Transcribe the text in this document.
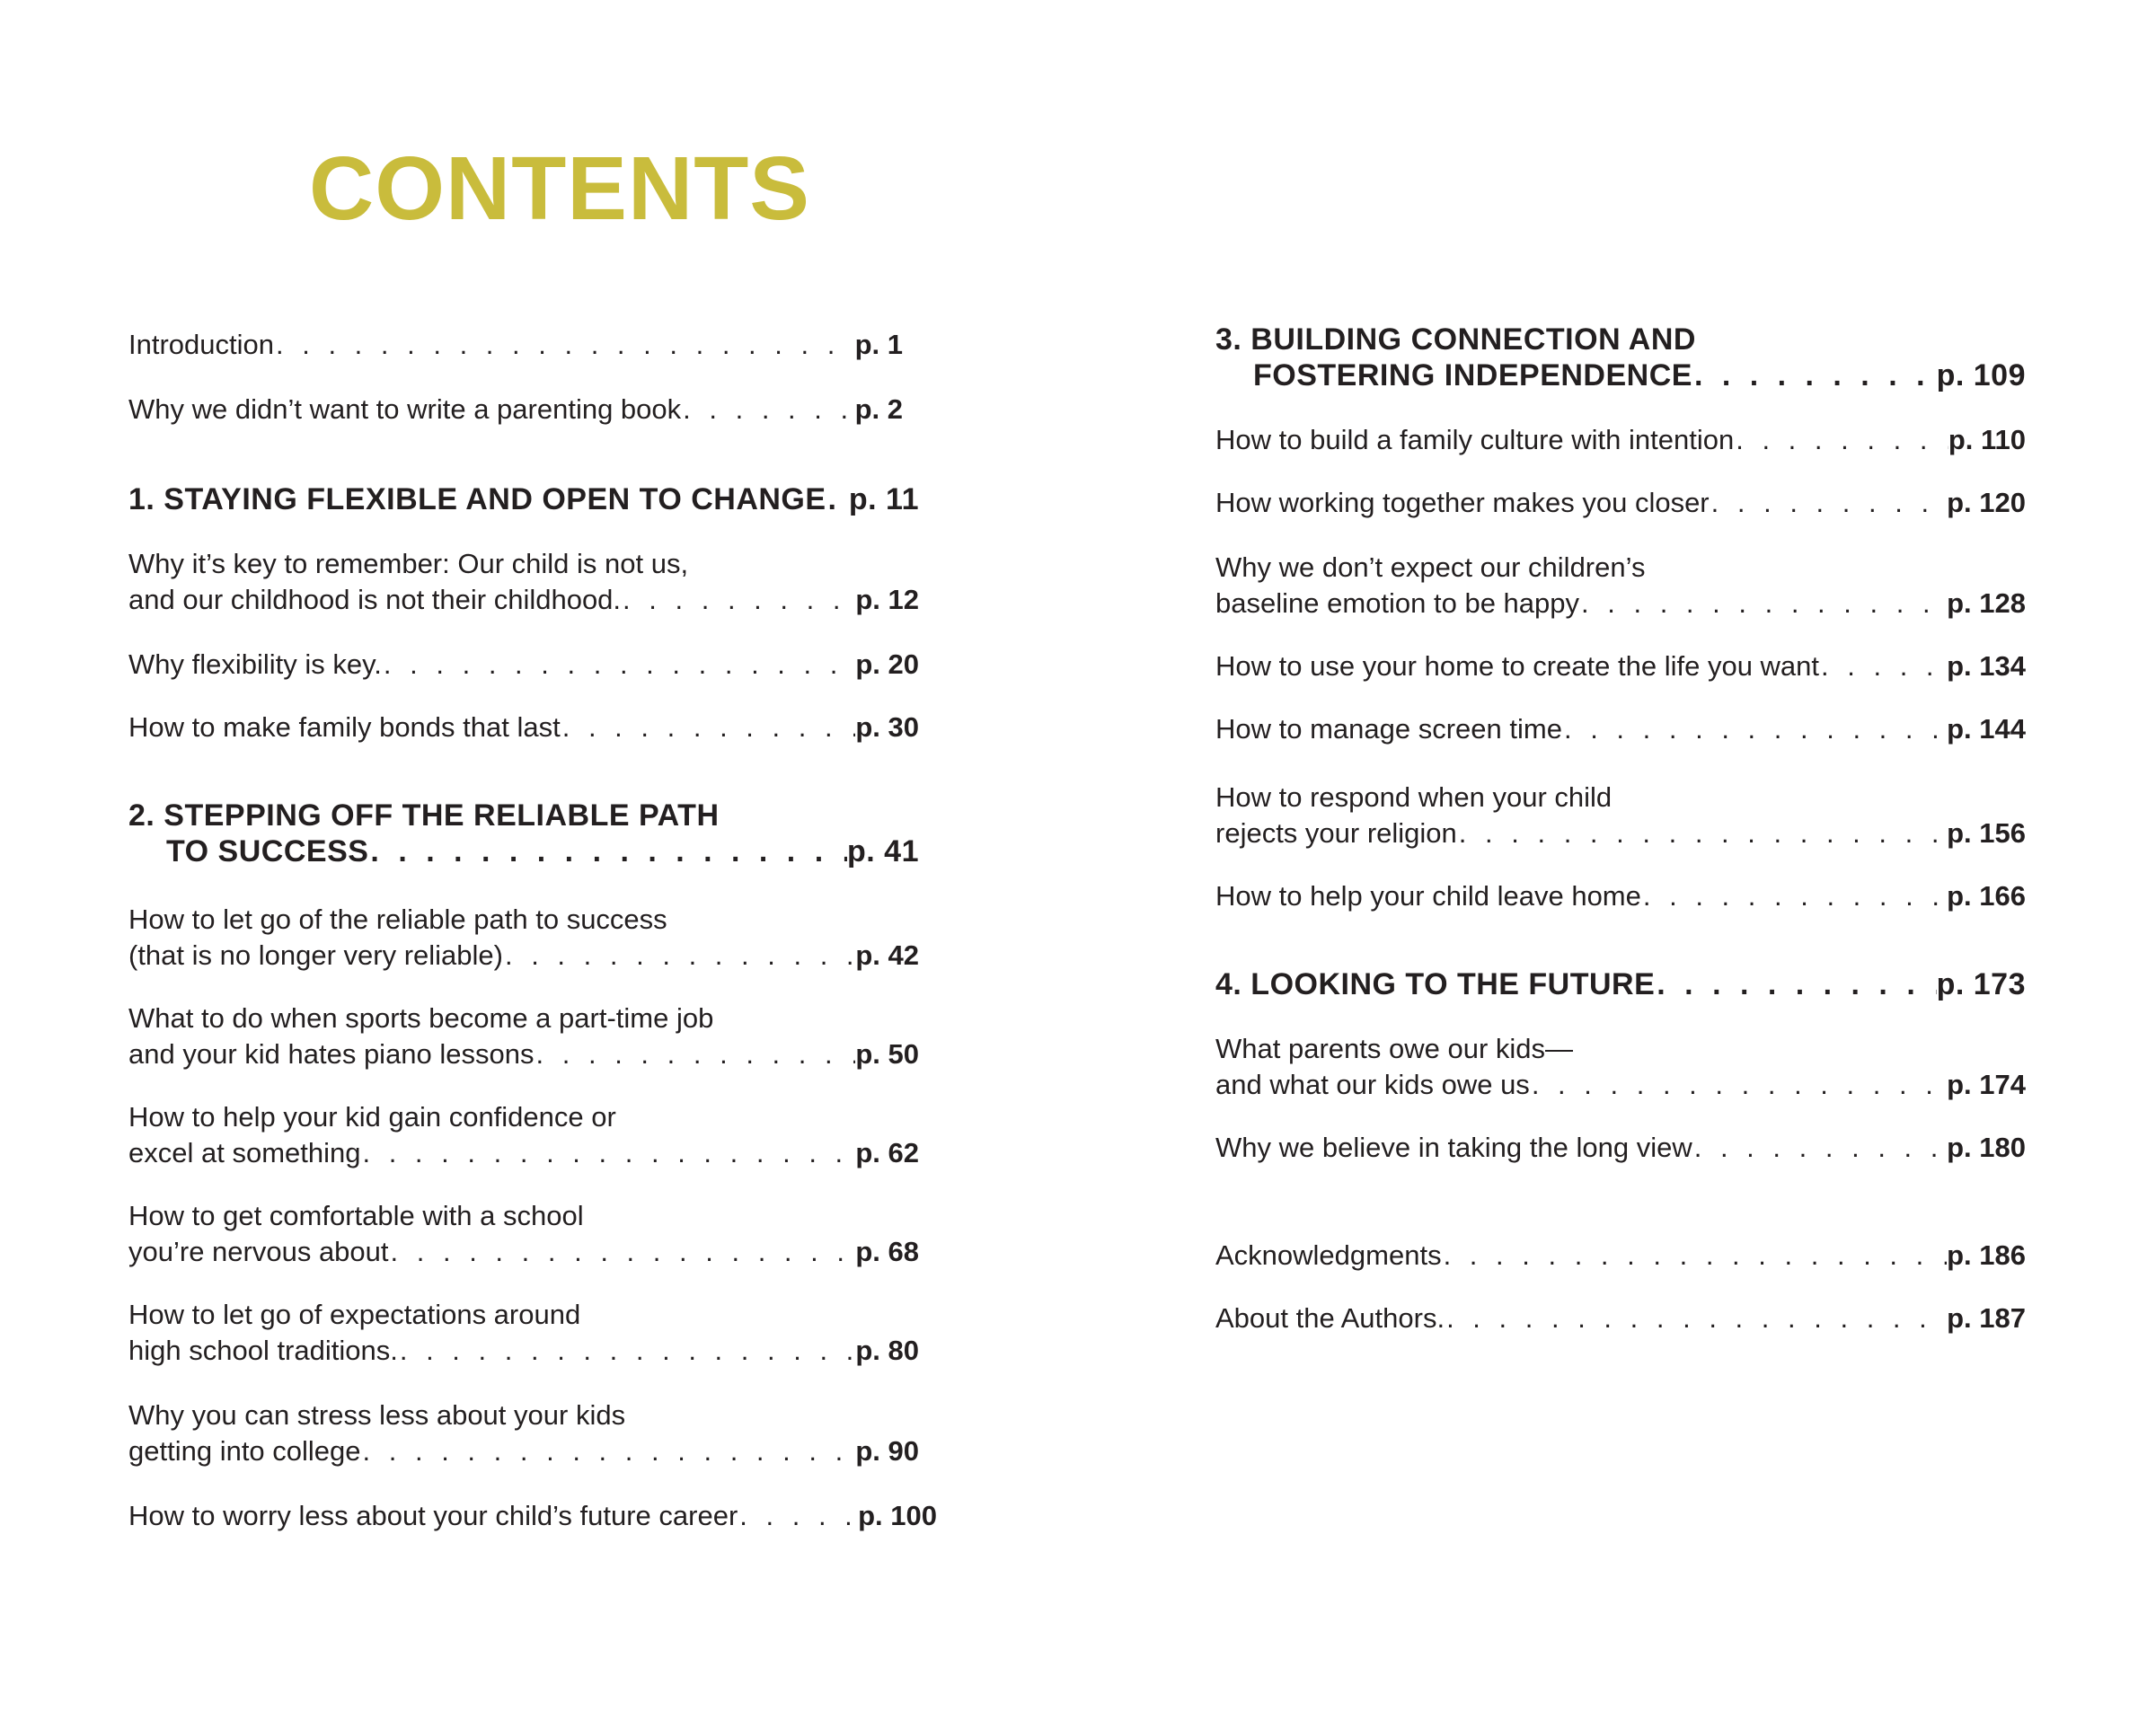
CONTENTS
Introduction . . .	p. 1
Why we didn’t want to write a parenting book . . .	p. 2
1. STAYING FLEXIBLE AND OPEN TO CHANGE . . . p. 11
Why it’s key to remember: Our child is not us,
and our childhood is not their childhood. . . .	p. 12
Why flexibility is key. . . .	p. 20
How to make family bonds that last . . .	p. 30
2. STEPPING OFF THE RELIABLE PATH
TO SUCCESS . . .	p. 41
How to let go of the reliable path to success
(that is no longer very reliable) . . .	p. 42
What to do when sports become a part-time job
and your kid hates piano lessons . . .	p. 50
How to help your kid gain confidence or
excel at something . . .	p. 62
How to get comfortable with a school
you’re nervous about . . .	p. 68
How to let go of expectations around
high school traditions. . . .	p. 80
Why you can stress less about your kids
getting into college . . .	p. 90
How to worry less about your child’s future career . . .	p. 100
3. BUILDING CONNECTION AND
FOSTERING INDEPENDENCE . . .	p. 109
How to build a family culture with intention . . .	p. 110
How working together makes you closer . . .	p. 120
Why we don’t expect our children’s
baseline emotion to be happy . . .	p. 128
How to use your home to create the life you want . . .	p. 134
How to manage screen time . . .	p. 144
How to respond when your child
rejects your religion . . .	p. 156
How to help your child leave home . . .	p. 166
4. LOOKING TO THE FUTURE . . .	p. 173
What parents owe our kids—
and what our kids owe us . . .	p. 174
Why we believe in taking the long view . . .	p. 180
Acknowledgments . . .	p. 186
About the Authors. . . .	p. 187
